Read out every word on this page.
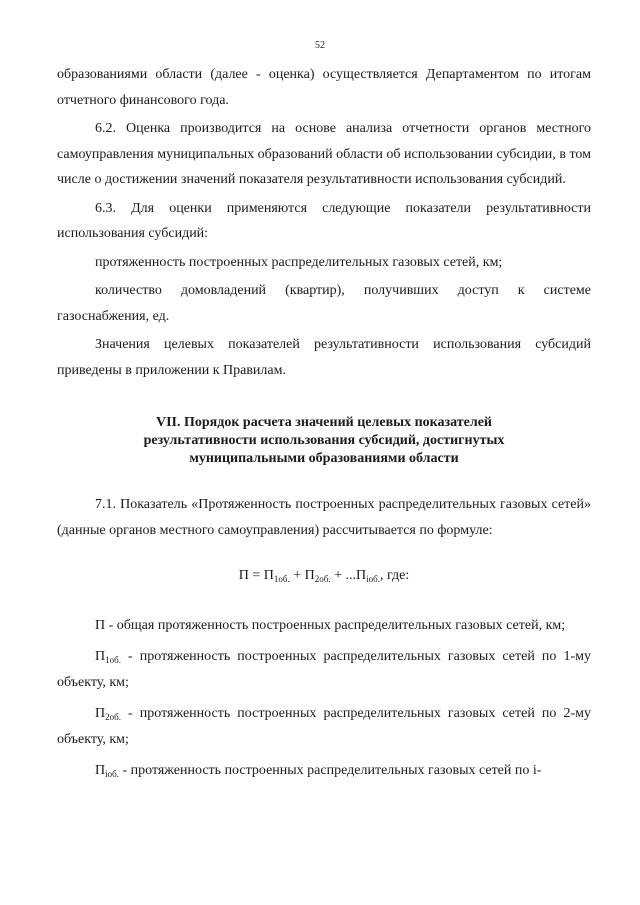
52

образованиями области (далее - оценка) осуществляется Департаментом по итогам отчетного финансового года.

6.2. Оценка производится на основе анализа отчетности органов местного самоуправления муниципальных образований области об использовании субсидии, в том числе о достижении значений показателя результативности использования субсидий.

6.3. Для оценки применяются следующие показатели результативности использования субсидий:

протяженность построенных распределительных газовых сетей, км;

количество домовладений (квартир), получивших доступ к системе газоснабжения, ед.

Значения целевых показателей результативности использования субсидий приведены в приложении к Правилам.

VII. Порядок расчета значений целевых показателей
результативности использования субсидий, достигнутых
муниципальными образованиями области

7.1. Показатель «Протяженность построенных распределительных газовых сетей» (данные органов местного самоуправления) рассчитывается по формуле:

$П = П_{1об.} + П_{2об.} + ...П_{iоб.}$, где:

П - общая протяженность построенных распределительных газовых сетей, км;

$П_{1об.}$ - протяженность построенных распределительных газовых сетей по 1-му объекту, км;

$П_{2об.}$ - протяженность построенных распределительных газовых сетей по 2-му объекту, км;

$П_{iоб.}$ - протяженность построенных распределительных газовых сетей по i-
